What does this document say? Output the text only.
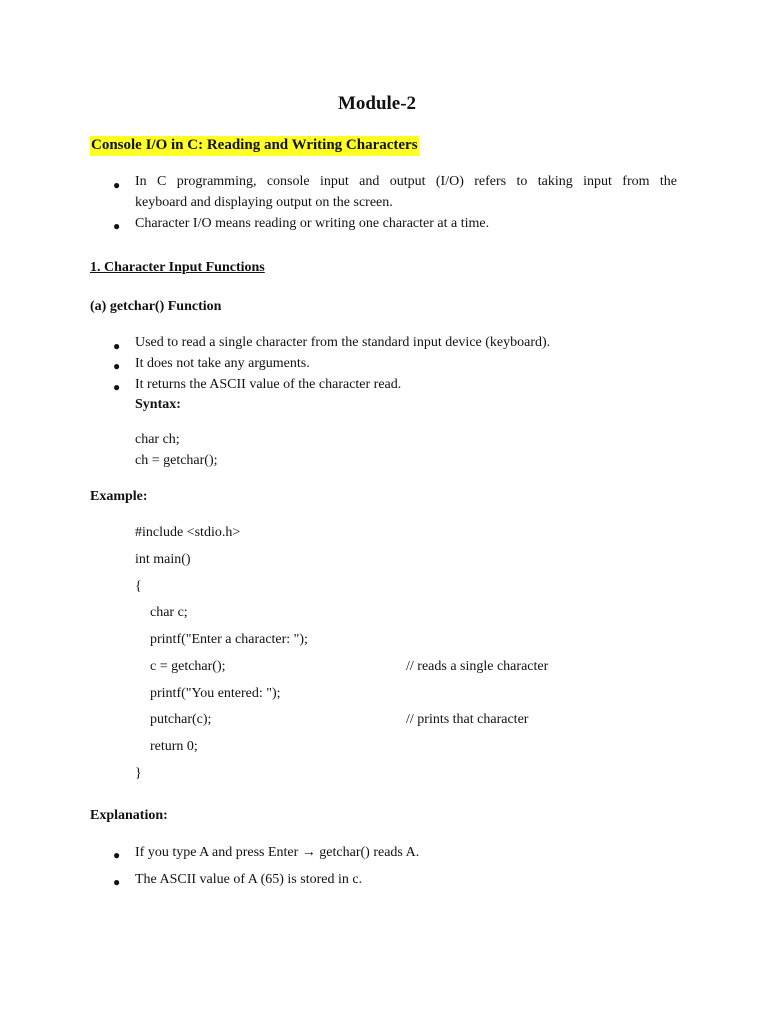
Module-2
Console I/O in C: Reading and Writing Characters
● In C programming, console input and output (I/O) refers to taking input from the
keyboard and displaying output on the screen.
● Character I/O means reading or writing one character at a time.
1. Character Input Functions
(a) getchar() Function
● Used to read a single character from the standard input device (keyboard).
● It does not take any arguments.
● It returns the ASCII value of the character read.
Syntax:
char ch;
ch = getchar();
Example:
#include <stdio.h>
int main()
{
char c;
printf("Enter a character: ");
c = getchar();	// reads a single character
printf("You entered: ");
putchar(c);	// prints that character
return 0;
}
Explanation:
● If you type A and press Enter → getchar() reads A.
● The ASCII value of A (65) is stored in c.
